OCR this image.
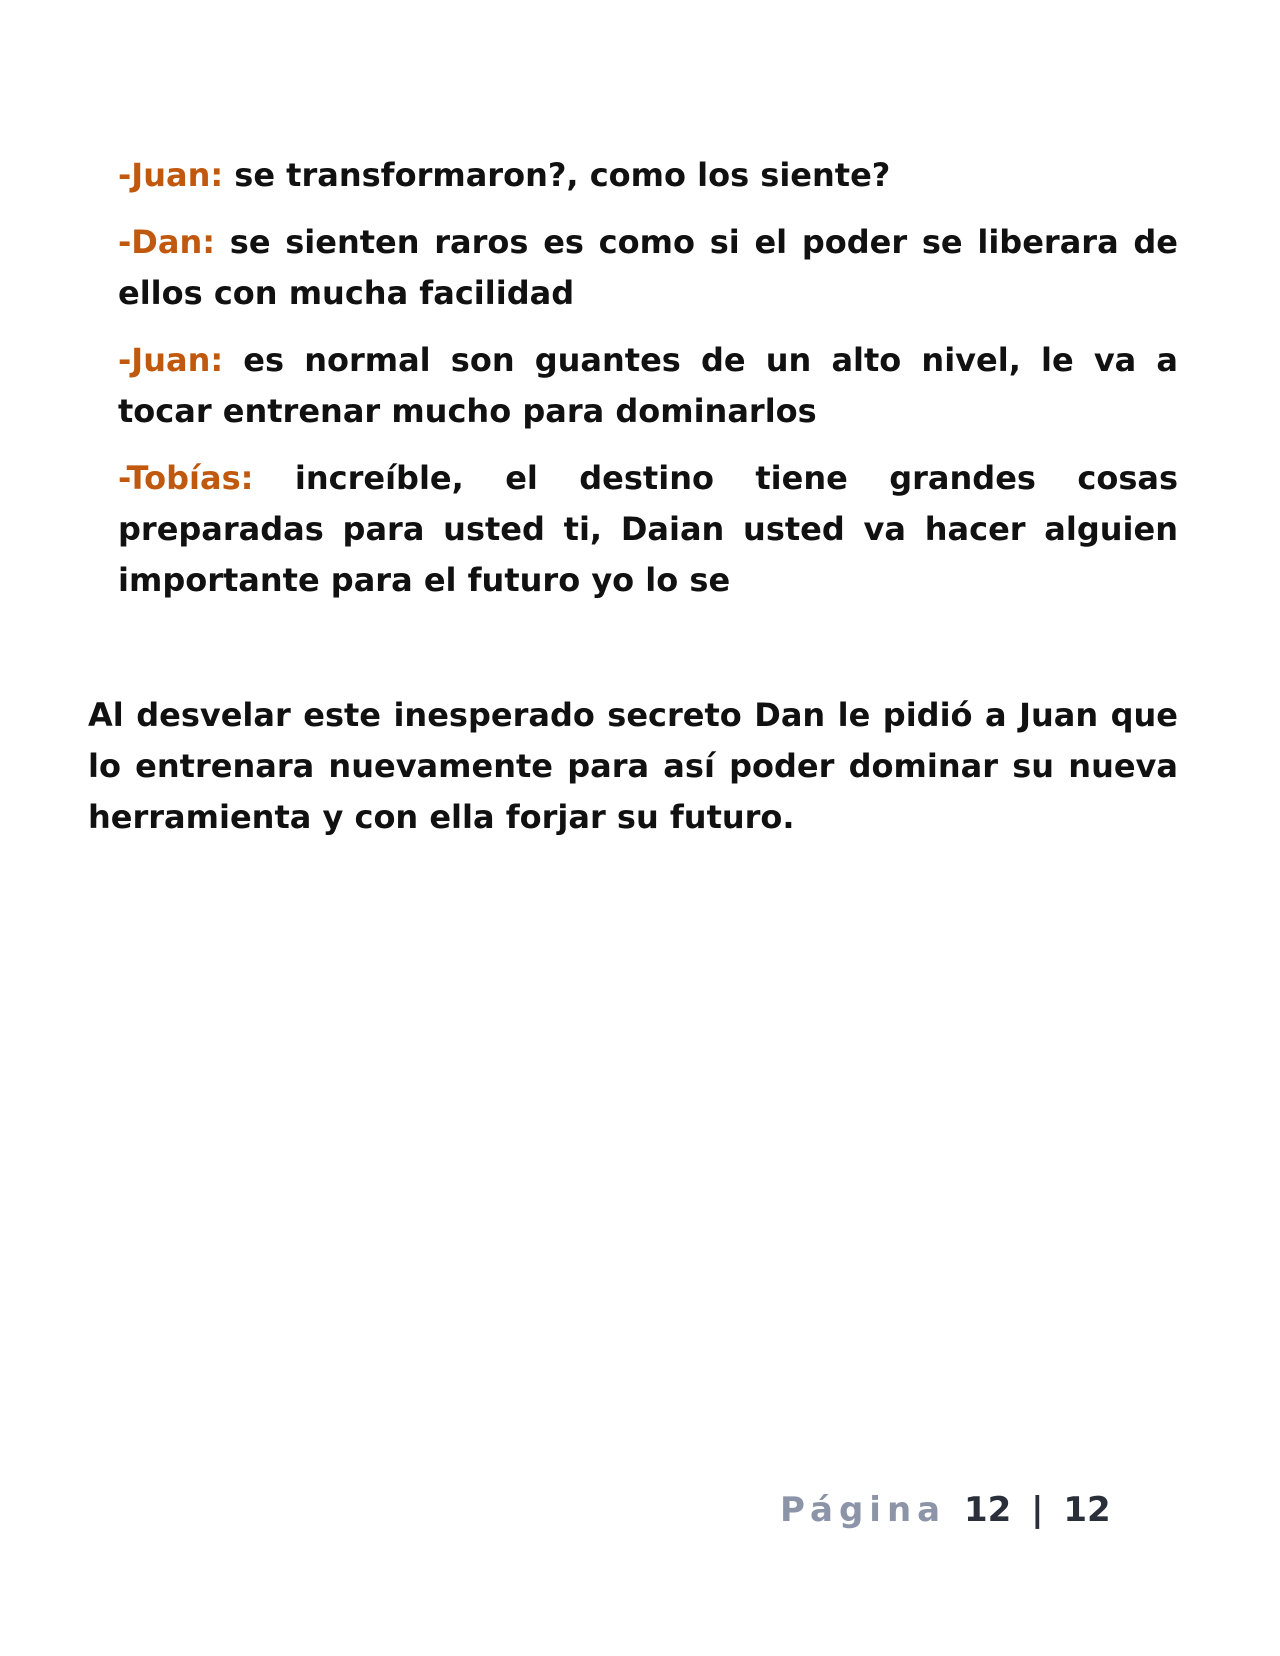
-Juan: se transformaron?, como los siente?

-Dan: se sienten raros es como si el poder se liberara de ellos con mucha facilidad

-Juan: es normal son guantes de un alto nivel, le va a tocar entrenar mucho para dominarlos

-Tobías: increíble, el destino tiene grandes cosas preparadas para usted ti, Daian usted va hacer alguien importante para el futuro yo lo se

Al desvelar este inesperado secreto Dan le pidió a Juan que lo entrenara nuevamente para así poder dominar su nueva herramienta y con ella forjar su futuro.

Página 12 | 12
